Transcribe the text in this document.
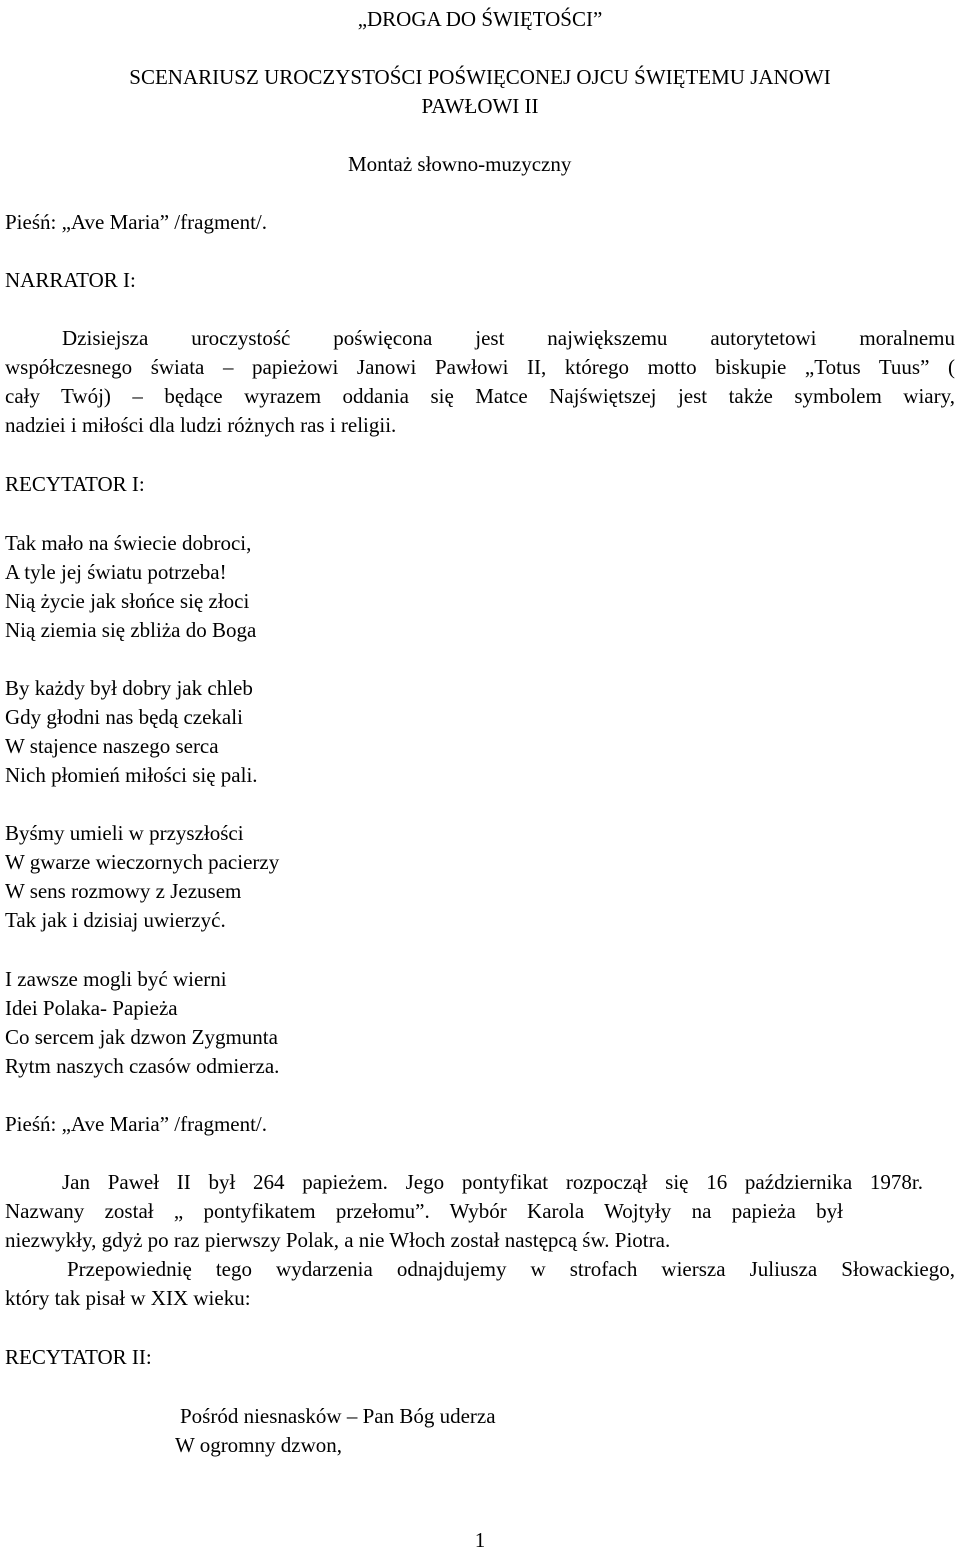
„DROGA DO ŚWIĘTOŚCI”
SCENARIUSZ UROCZYSTOŚCI POŚWIĘCONEJ OJCU ŚWIĘTEMU JANOWI
PAWŁOWI II
Montaż słowno-muzyczny
Pieśń: „Ave Maria” /fragment/.
NARRATOR I:
Dzisiejsza uroczystość poświęcona jest największemu autorytetowi moralnemu
współczesnego świata – papieżowi Janowi Pawłowi II, którego motto biskupie „Totus Tuus” (
cały Twój) – będące wyrazem oddania się Matce Najświętszej jest także symbolem wiary,
nadziei i miłości dla ludzi różnych ras i religii.
RECYTATOR I:
Tak mało na świecie dobroci,
A tyle jej światu potrzeba!
Nią życie jak słońce się złoci
Nią ziemia się zbliża do Boga
By każdy był dobry jak chleb
Gdy głodni nas będą czekali
W stajence naszego serca
Nich płomień miłości się pali.
Byśmy umieli w przyszłości
W gwarze wieczornych pacierzy
W sens rozmowy z Jezusem
Tak jak i dzisiaj uwierzyć.
I zawsze mogli być wierni
Idei Polaka- Papieża
Co sercem jak dzwon Zygmunta
Rytm naszych czasów odmierza.
Pieśń: „Ave Maria” /fragment/.
Jan Paweł II był 264 papieżem. Jego pontyfikat rozpoczął się 16 października 1978r.
Nazwany został „ pontyfikatem przełomu”. Wybór Karola Wojtyły na papieża był
niezwykły, gdyż po raz pierwszy Polak, a nie Włoch został następcą św. Piotra.
Przepowiednię tego wydarzenia odnajdujemy w strofach wiersza Juliusza Słowackiego,
który tak pisał w XIX wieku:
RECYTATOR II:
Pośród niesnasków – Pan Bóg uderza
W ogromny dzwon,
1
